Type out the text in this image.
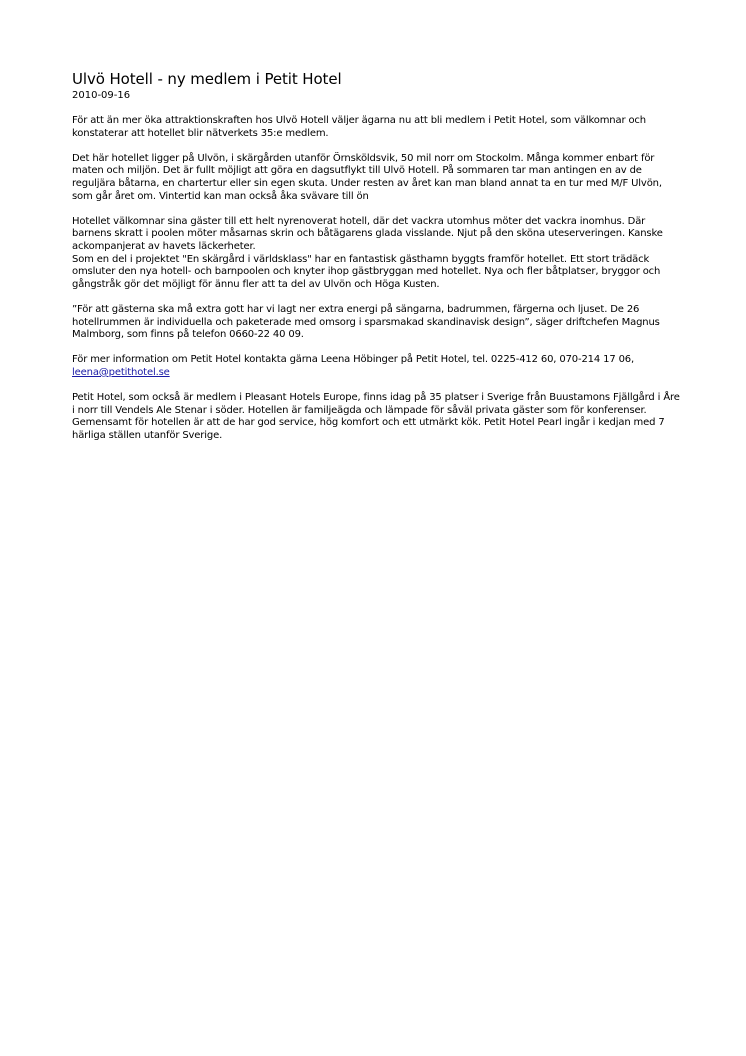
Ulvö Hotell - ny medlem i Petit Hotel
2010-09-16

För att än mer öka attraktionskraften hos Ulvö Hotell väljer ägarna nu att bli medlem i Petit Hotel, som välkomnar och konstaterar att hotellet blir nätverkets 35:e medlem.

Det här hotellet ligger på Ulvön, i skärgården utanför Örnsköldsvik, 50 mil norr om Stockolm. Många kommer enbart för maten och miljön. Det är fullt möjligt att göra en dagsutflykt till Ulvö Hotell. På sommaren tar man antingen en av de reguljära båtarna, en chartertur eller sin egen skuta. Under resten av året kan man bland annat ta en tur med M/F Ulvön, som går året om. Vintertid kan man också åka svävare till ön

Hotellet välkomnar sina gäster till ett helt nyrenoverat hotell, där det vackra utomhus möter det vackra inomhus. Där barnens skratt i poolen möter måsarnas skrin och båtägarens glada visslande. Njut på den sköna uteserveringen. Kanske ackompanjerat av havets läckerheter.

Som en del i projektet "En skärgård i världsklass" har en fantastisk gästhamn byggts framför hotellet. Ett stort trädäck omsluter den nya hotell- och barnpoolen och knyter ihop gästbryggan med hotellet. Nya och fler båtplatser, bryggor och gångstråk gör det möjligt för ännu fler att ta del av Ulvön och Höga Kusten.

”För att gästerna ska må extra gott har vi lagt ner extra energi på sängarna, badrummen, färgerna och ljuset. De 26 hotellrummen är individuella och paketerade med omsorg i sparsmakad skandinavisk design”, säger driftchefen Magnus Malmborg, som finns på telefon 0660-22 40 09.

För mer information om Petit Hotel kontakta gärna Leena Höbinger på Petit Hotel, tel. 0225-412 60, 070-214 17 06,
leena@petithotel.se

Petit Hotel, som också är medlem i Pleasant Hotels Europe, finns idag på 35 platser i Sverige från Buustamons Fjällgård i Åre i norr till Vendels Ale Stenar i söder. Hotellen är familjeägda och lämpade för såväl privata gäster som för konferenser. Gemensamt för hotellen är att de har god service, hög komfort och ett utmärkt kök. Petit Hotel Pearl ingår i kedjan med 7 härliga ställen utanför Sverige.
